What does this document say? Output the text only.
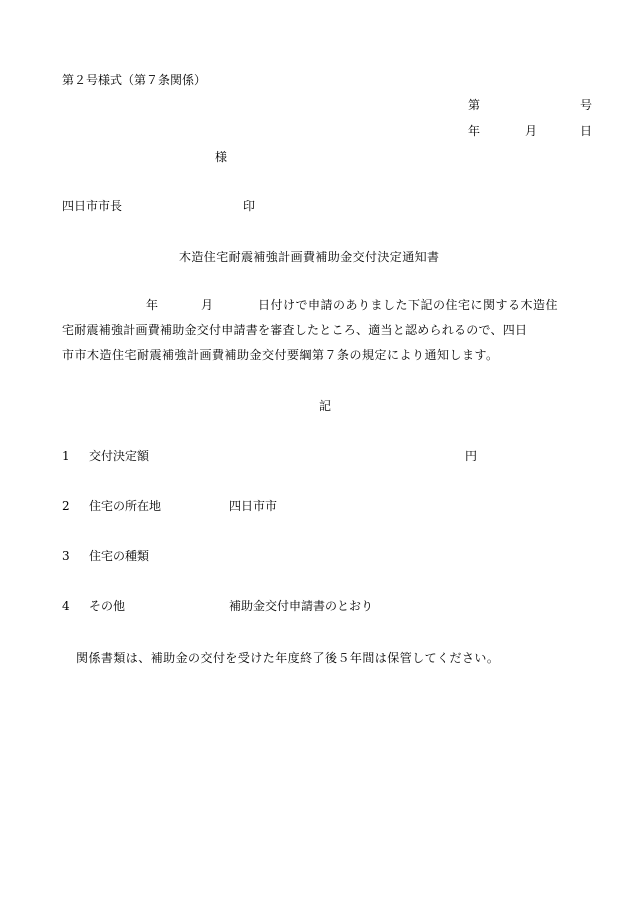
第２号様式（第７条関係）
第	号
年	月	日
様
四日市市長	印
木造住宅耐震補強計画費補助金交付決定通知書
年	月	日付けで申請のありました下記の住宅に関する木造住
宅耐震補強計画費補助金交付申請書を審査したところ、適当と認められるので、四日
市市木造住宅耐震補強計画費補助金交付要綱第７条の規定により通知します。
記
1 交付決定額	円
2 住宅の所在地	四日市市
3 住宅の種類
4 その他	補助金交付申請書のとおり
関係書類は、補助金の交付を受けた年度終了後５年間は保管してください。
